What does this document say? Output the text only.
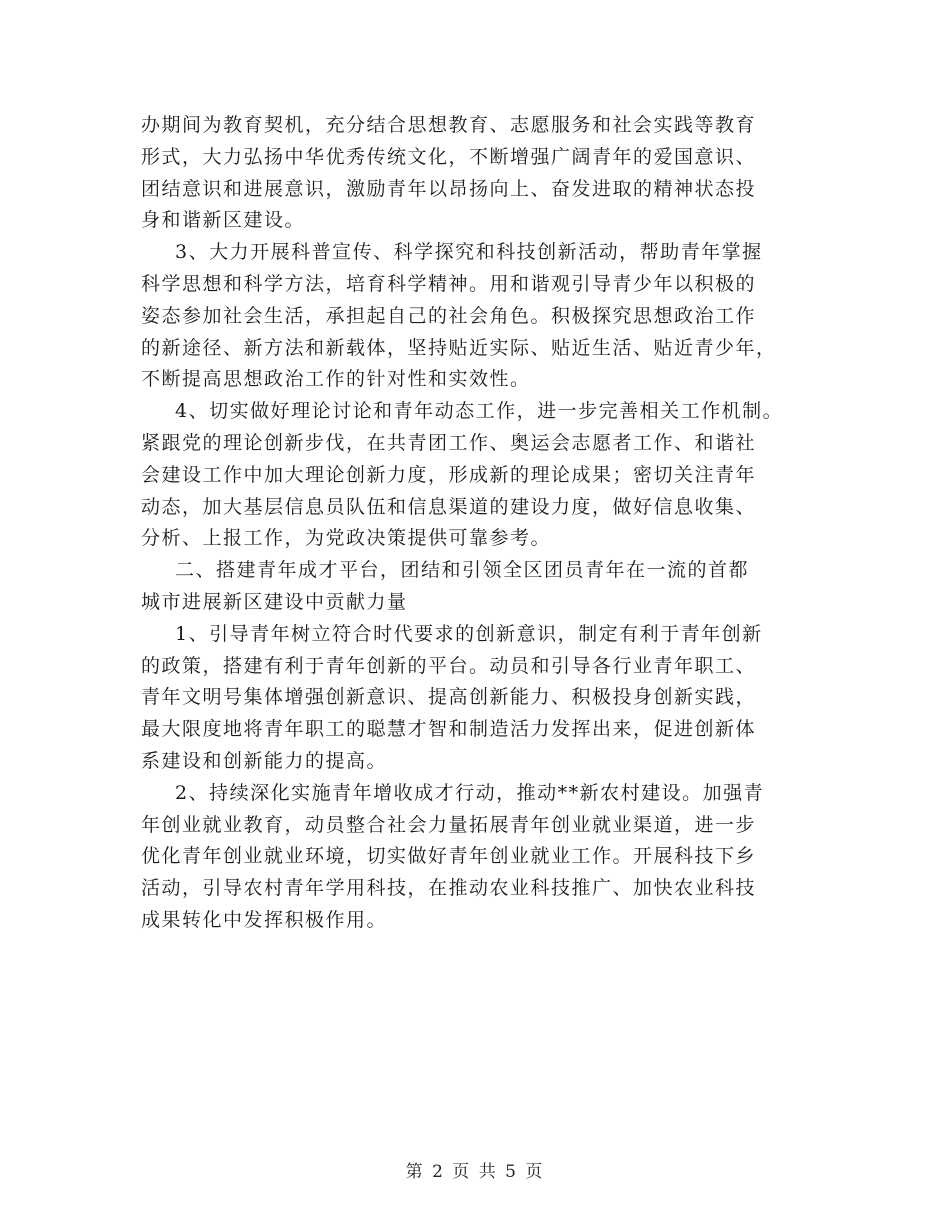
办期间为教育契机，充分结合思想教育、志愿服务和社会实践等教育
形式，大力弘扬中华优秀传统文化，不断增强广阔青年的爱国意识、
团结意识和进展意识，激励青年以昂扬向上、奋发进取的精神状态投
身和谐新区建设。
3、大力开展科普宣传、科学探究和科技创新活动，帮助青年掌握
科学思想和科学方法，培育科学精神。用和谐观引导青少年以积极的
姿态参加社会生活，承担起自己的社会角色。积极探究思想政治工作
的新途径、新方法和新载体，坚持贴近实际、贴近生活、贴近青少年，
不断提高思想政治工作的针对性和实效性。
4、切实做好理论讨论和青年动态工作，进一步完善相关工作机制。
紧跟党的理论创新步伐，在共青团工作、奥运会志愿者工作、和谐社
会建设工作中加大理论创新力度，形成新的理论成果；密切关注青年
动态，加大基层信息员队伍和信息渠道的建设力度，做好信息收集、
分析、上报工作，为党政决策提供可靠参考。
二、搭建青年成才平台，团结和引领全区团员青年在一流的首都
城市进展新区建设中贡献力量
1、引导青年树立符合时代要求的创新意识，制定有利于青年创新
的政策，搭建有利于青年创新的平台。动员和引导各行业青年职工、
青年文明号集体增强创新意识、提高创新能力、积极投身创新实践，
最大限度地将青年职工的聪慧才智和制造活力发挥出来，促进创新体
系建设和创新能力的提高。
2、持续深化实施青年增收成才行动，推动**新农村建设。加强青
年创业就业教育，动员整合社会力量拓展青年创业就业渠道，进一步
优化青年创业就业环境，切实做好青年创业就业工作。开展科技下乡
活动，引导农村青年学用科技，在推动农业科技推广、加快农业科技
成果转化中发挥积极作用。
第 2 页 共 5 页
